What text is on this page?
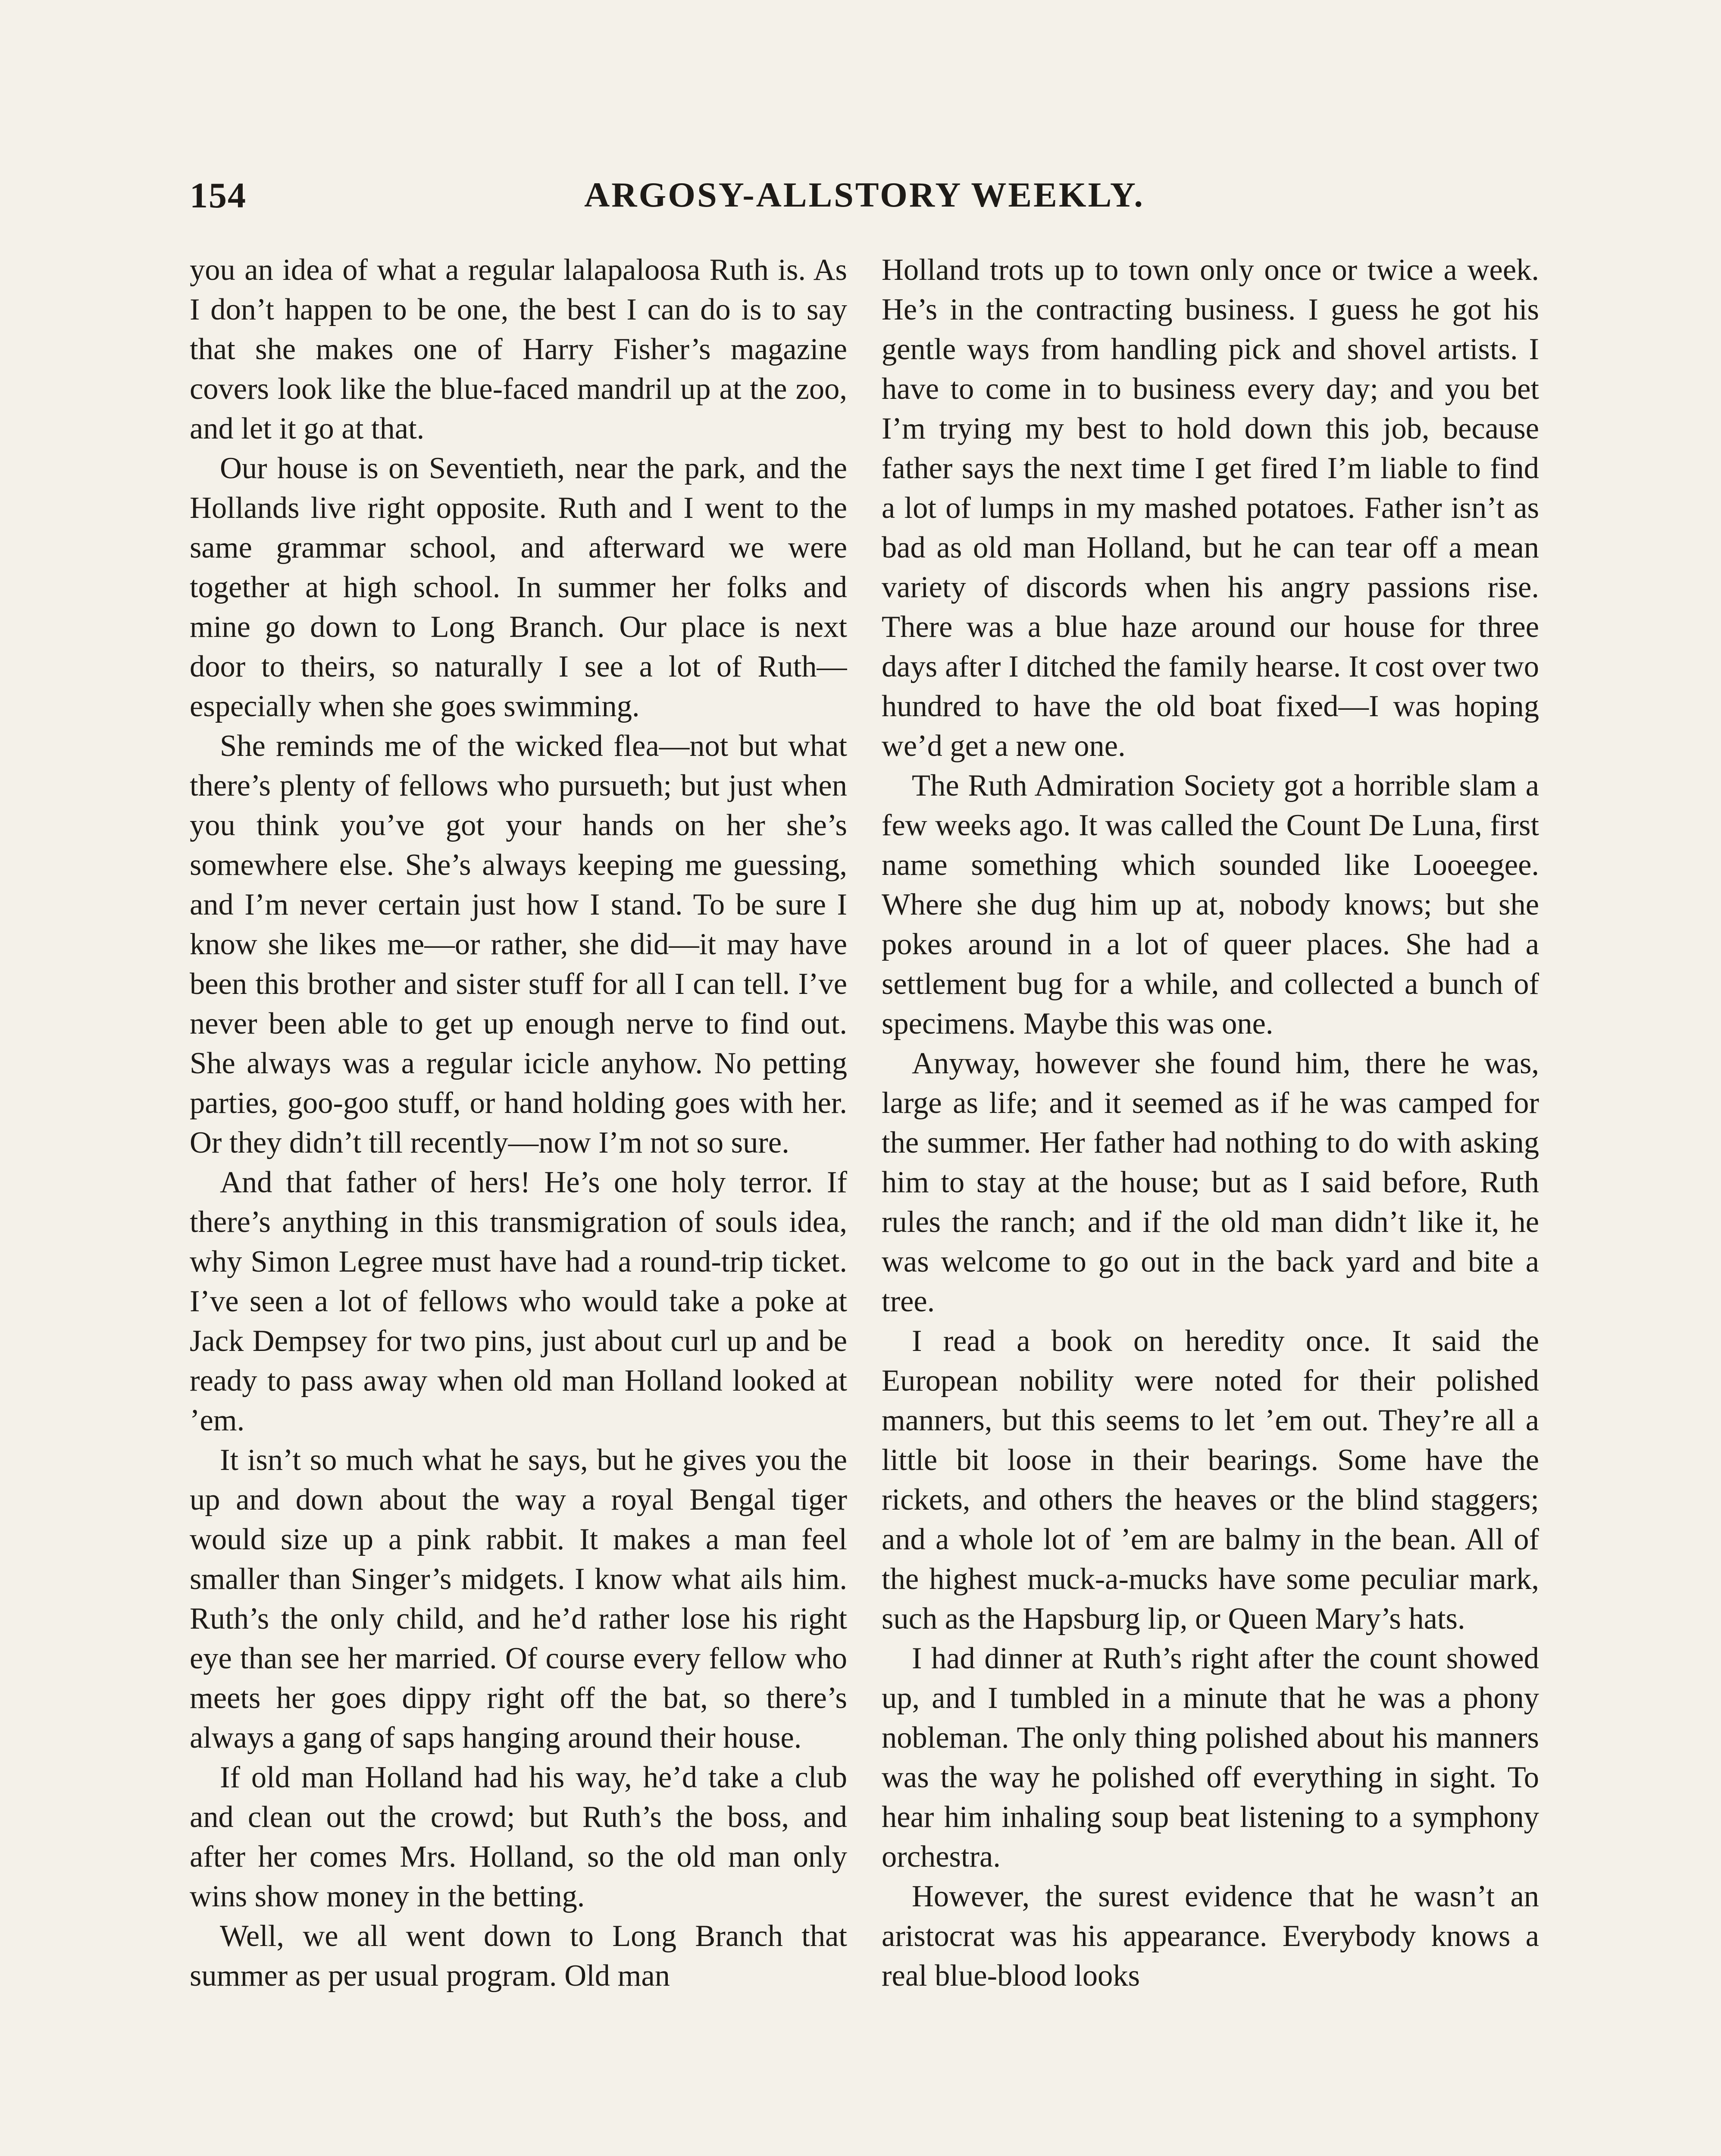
154	ARGOSY-ALLSTORY WEEKLY.

you an idea of what a regular lalapaloosa Ruth is. As I don’t happen to be one, the best I can do is to say that she makes one of Harry Fisher’s magazine covers look like the blue-faced mandril up at the zoo, and let it go at that.

Our house is on Seventieth, near the park, and the Hollands live right opposite. Ruth and I went to the same grammar school, and afterward we were together at high school. In summer her folks and mine go down to Long Branch. Our place is next door to theirs, so naturally I see a lot of Ruth—especially when she goes swimming.

She reminds me of the wicked flea—not but what there’s plenty of fellows who pursueth; but just when you think you’ve got your hands on her she’s somewhere else. She’s always keeping me guessing, and I’m never certain just how I stand. To be sure I know she likes me—or rather, she did—it may have been this brother and sister stuff for all I can tell. I’ve never been able to get up enough nerve to find out. She always was a regular icicle anyhow. No petting parties, goo-goo stuff, or hand holding goes with her. Or they didn’t till recently—now I’m not so sure.

And that father of hers! He’s one holy terror. If there’s anything in this transmigration of souls idea, why Simon Legree must have had a round-trip ticket. I’ve seen a lot of fellows who would take a poke at Jack Dempsey for two pins, just about curl up and be ready to pass away when old man Holland looked at ’em.

It isn’t so much what he says, but he gives you the up and down about the way a royal Bengal tiger would size up a pink rabbit. It makes a man feel smaller than Singer’s midgets. I know what ails him. Ruth’s the only child, and he’d rather lose his right eye than see her married. Of course every fellow who meets her goes dippy right off the bat, so there’s always a gang of saps hanging around their house.

If old man Holland had his way, he’d take a club and clean out the crowd; but Ruth’s the boss, and after her comes Mrs. Holland, so the old man only wins show money in the betting.

Well, we all went down to Long Branch that summer as per usual program. Old man

Holland trots up to town only once or twice a week. He’s in the contracting business. I guess he got his gentle ways from handling pick and shovel artists. I have to come in to business every day; and you bet I’m trying my best to hold down this job, because father says the next time I get fired I’m liable to find a lot of lumps in my mashed potatoes. Father isn’t as bad as old man Holland, but he can tear off a mean variety of discords when his angry passions rise. There was a blue haze around our house for three days after I ditched the family hearse. It cost over two hundred to have the old boat fixed—I was hoping we’d get a new one.

The Ruth Admiration Society got a horrible slam a few weeks ago. It was called the Count De Luna, first name something which sounded like Looeegee. Where she dug him up at, nobody knows; but she pokes around in a lot of queer places. She had a settlement bug for a while, and collected a bunch of specimens. Maybe this was one.

Anyway, however she found him, there he was, large as life; and it seemed as if he was camped for the summer. Her father had nothing to do with asking him to stay at the house; but as I said before, Ruth rules the ranch; and if the old man didn’t like it, he was welcome to go out in the back yard and bite a tree.

I read a book on heredity once. It said the European nobility were noted for their polished manners, but this seems to let ’em out. They’re all a little bit loose in their bearings. Some have the rickets, and others the heaves or the blind staggers; and a whole lot of ’em are balmy in the bean. All of the highest muck-a-mucks have some peculiar mark, such as the Hapsburg lip, or Queen Mary’s hats.

I had dinner at Ruth’s right after the count showed up, and I tumbled in a minute that he was a phony nobleman. The only thing polished about his manners was the way he polished off everything in sight. To hear him inhaling soup beat listening to a symphony orchestra.

However, the surest evidence that he wasn’t an aristocrat was his appearance. Everybody knows a real blue-blood looks
